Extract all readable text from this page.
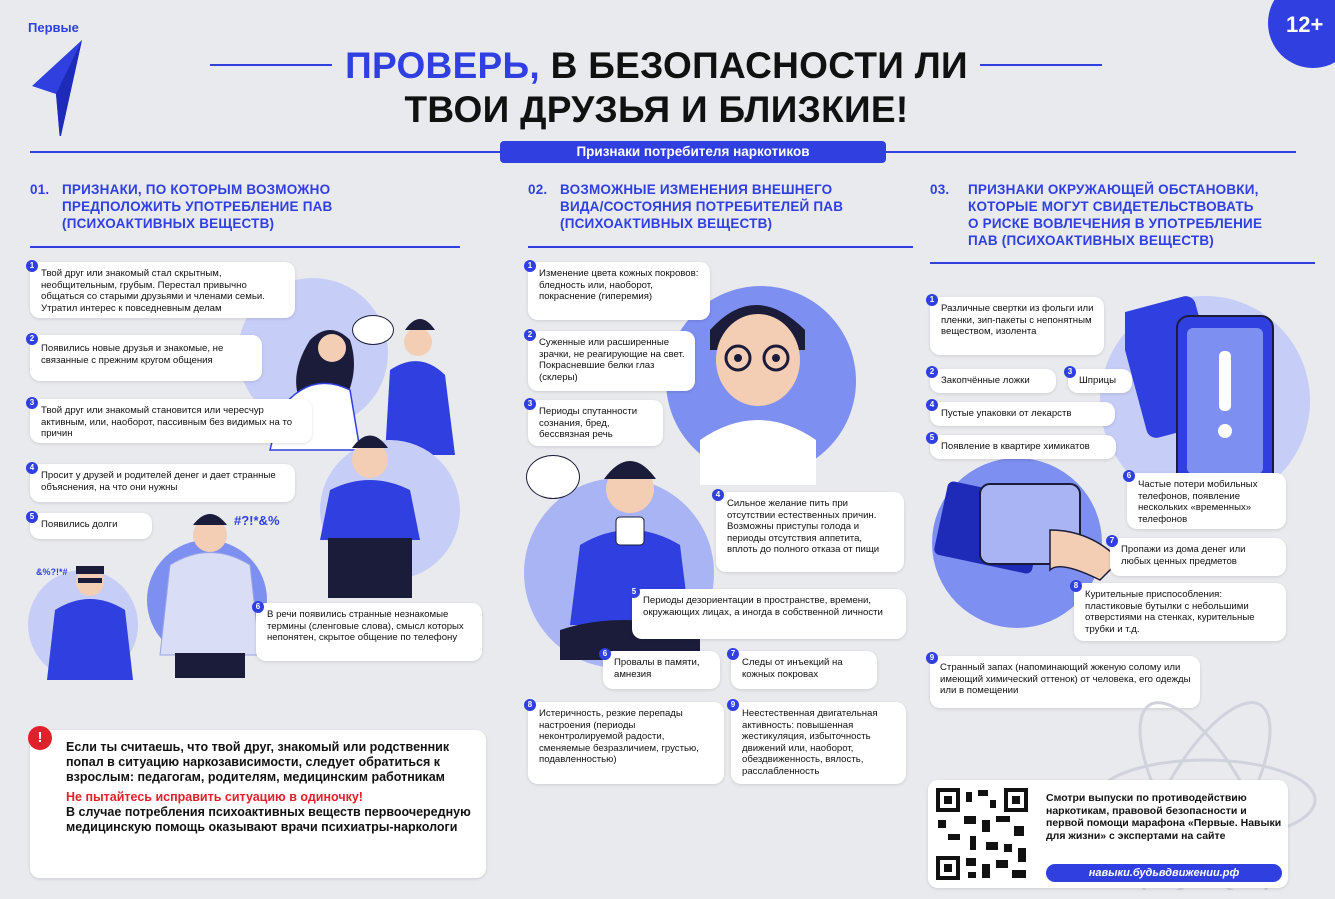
Первые	12+
ПРОВЕРЬ, В БЕЗОПАСНОСТИ ЛИ
ТВОИ ДРУЗЬЯ И БЛИЗКИЕ!
Признаки потребителя наркотиков
01. ПРИЗНАКИ, ПО КОТОРЫМ ВОЗМОЖНО
ПРЕДПОЛОЖИТЬ УПОТРЕБЛЕНИЕ ПАВ
(ПСИХОАКТИВНЫХ ВЕЩЕСТВ)
02. ВОЗМОЖНЫЕ ИЗМЕНЕНИЯ ВНЕШНЕГО
ВИДА/СОСТОЯНИЯ ПОТРЕБИТЕЛЕЙ ПАВ
(ПСИХОАКТИВНЫХ ВЕЩЕСТВ)
03. ПРИЗНАКИ ОКРУЖАЮЩЕЙ ОБСТАНОВКИ,
КОТОРЫЕ МОГУТ СВИДЕТЕЛЬСТВОВАТЬ
О РИСКЕ ВОВЛЕЧЕНИЯ В УПОТРЕБЛЕНИЕ
ПАВ (ПСИХОАКТИВНЫХ ВЕЩЕСТВ)
#?!*&%
&%?!*#
Твой друг или знакомый стал скрытным, необщительным, грубым. Перестал привычно общаться со старыми друзьями и членами семьи. Утратил интерес к повседневным делам
1
Появились новые друзья и знакомые, не связанные с прежним кругом общения
2
Твой друг или знакомый становится или чересчур активным, или, наоборот, пассивным без видимых на то причин
3
Просит у друзей и родителей денег и дает странные объяснения, на что они нужны
4
Появились долги
5
В речи появились странные незнакомые термины (сленговые слова), смысл которых непонятен, скрытое общение по телефону
6
Если ты считаешь, что твой друг, знакомый или родственник попал в ситуацию наркозависимости, следует обратиться к взрослым: педагогам, родителям, медицинским работникам
Не пытайтесь исправить ситуацию в одиночку!
В случае потребления психоактивных веществ первоочередную медицинскую помощь оказывают врачи психиатры-наркологи
!
Изменение цвета кожных покровов: бледность или, наоборот, покраснение (гиперемия)
1
Суженные или расширенные зрачки, не реагирующие на свет. Покрасневшие белки глаз (склеры)
2
Периоды спутанности сознания, бред, бессвязная речь
3
Сильное желание пить при отсутствии естественных причин. Возможны приступы голода и периоды отсутствия аппетита, вплоть до полного отказа от пищи
4
Периоды дезориентации в пространстве, времени, окружающих лицах, а иногда в собственной личности
5
Провалы в памяти, амнезия
6
Следы от инъекций на кожных покровах
7
Истеричность, резкие перепады настроения (периоды неконтролируемой радости, сменяемые безразличием, грустью, подавленностью)
8
Неестественная двигательная активность: повышенная жестикуляция, избыточность движений или, наоборот, обездвиженность, вялость, расслабленность
9
Различные свертки из фольги или пленки, зип-пакеты с непонятным веществом, изолента
1
Закопчённые ложки
2
Шприцы
3
Пустые упаковки от лекарств
4
Появление в квартире химикатов
5
Частые потери мобильных телефонов, появление нескольких «временных» телефонов
6
Пропажи из дома денег или любых ценных предметов
7
Курительные приспособления: пластиковые бутылки с небольшими отверстиями на стенках, курительные трубки и т.д.
8
Странный запах (напоминающий жженую солому или имеющий химический оттенок) от человека, его одежды или в помещении
9
Смотри выпуски по противодействию наркотикам, правовой безопасности и первой помощи марафона «Первые. Навыки для жизни» с экспертами на сайте
навыки.будьвдвижении.рф
